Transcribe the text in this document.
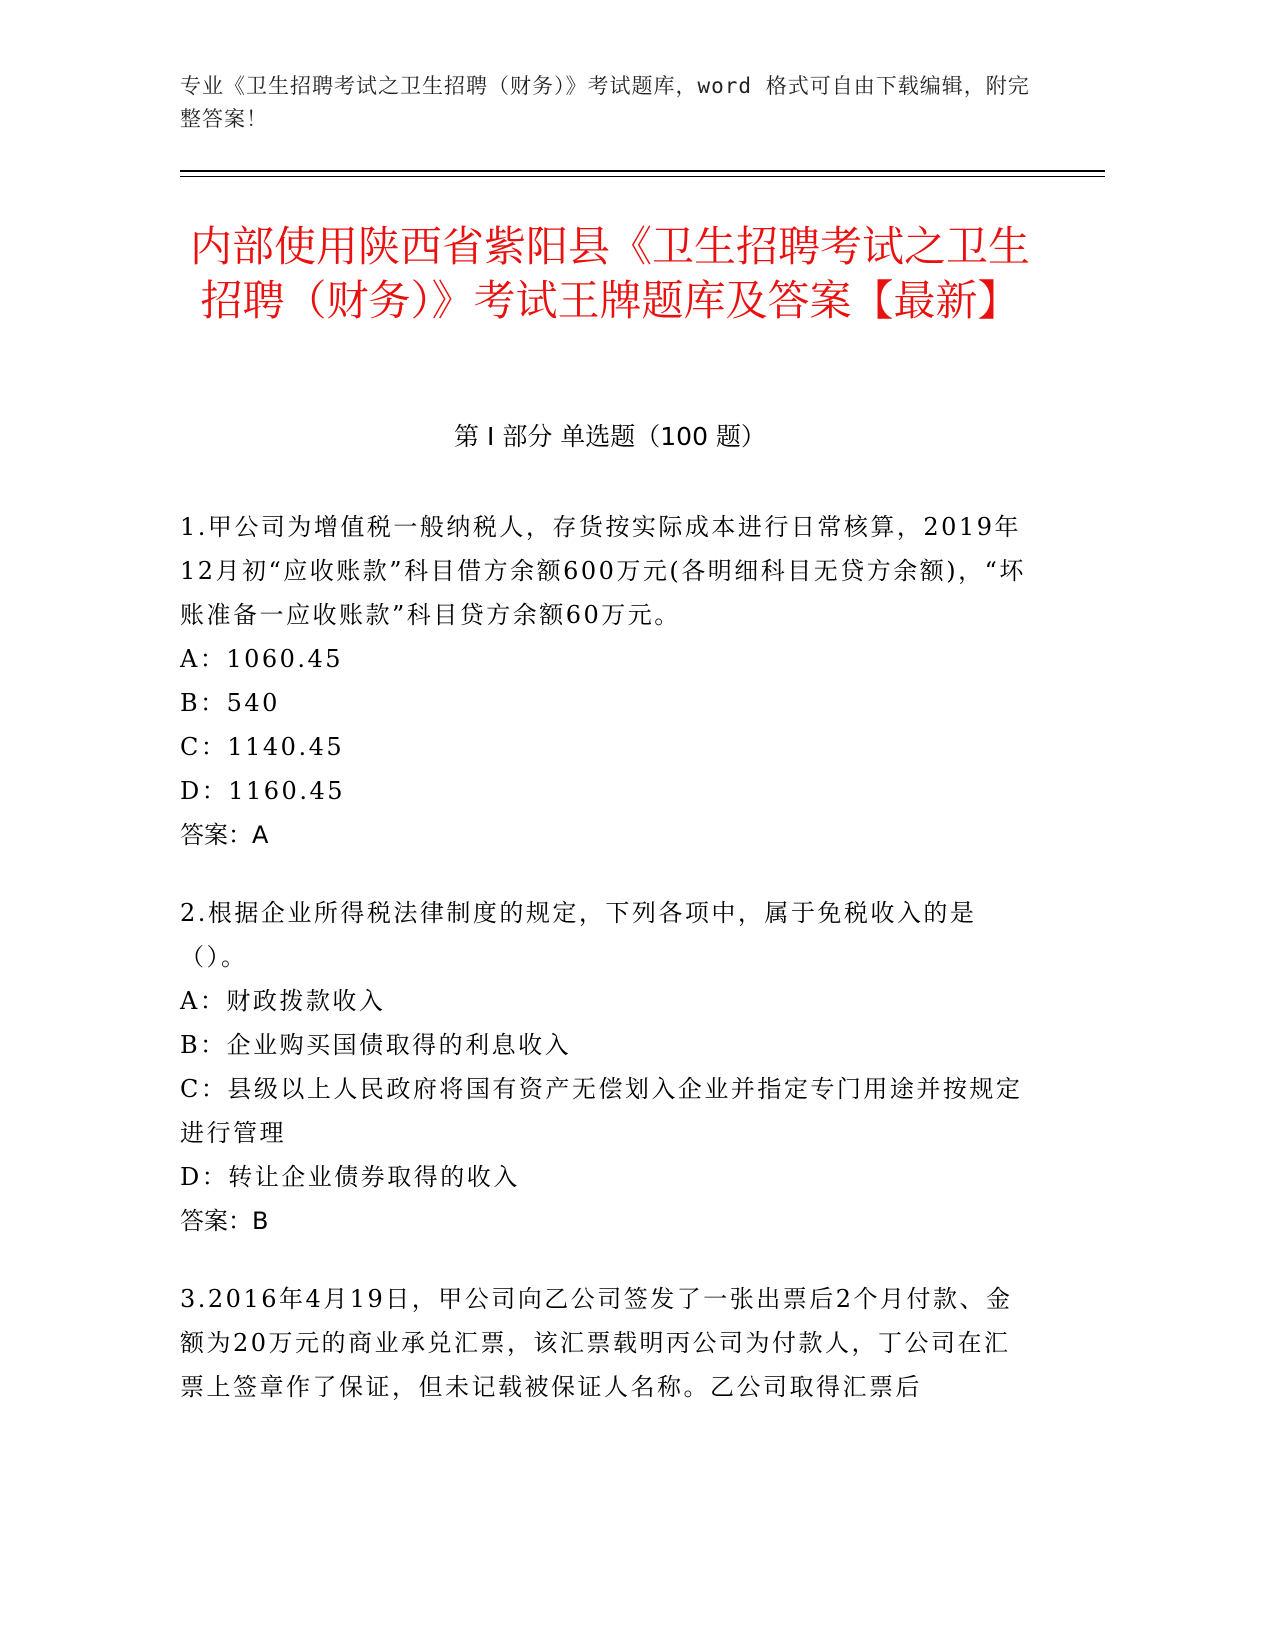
专业《卫生招聘考试之卫生招聘（财务）》考试题库，word 格式可自由下载编辑，附完整答案！
内部使用陕西省紫阳县《卫生招聘考试之卫生招聘（财务）》考试王牌题库及答案【最新】
第 I 部分 单选题（100 题）

1.甲公司为增值税一般纳税人，存货按实际成本进行日常核算，2019年12月初“应收账款”科目借方余额600万元(各明细科目无贷方余额)，“坏账准备一应收账款”科目贷方余额60万元。

A：1060.45

B：540

C：1140.45

D：1160.45

答案：A

2.根据企业所得税法律制度的规定，下列各项中，属于免税收入的是（）。

A：财政拨款收入

B：企业购买国债取得的利息收入

C：县级以上人民政府将国有资产无偿划入企业并指定专门用途并按规定进行管理

D：转让企业债券取得的收入

答案：B

3.2016年4月19日，甲公司向乙公司签发了一张出票后2个月付款、金额为20万元的商业承兑汇票，该汇票载明丙公司为付款人，丁公司在汇票上签章作了保证，但未记载被保证人名称。乙公司取得汇票后
